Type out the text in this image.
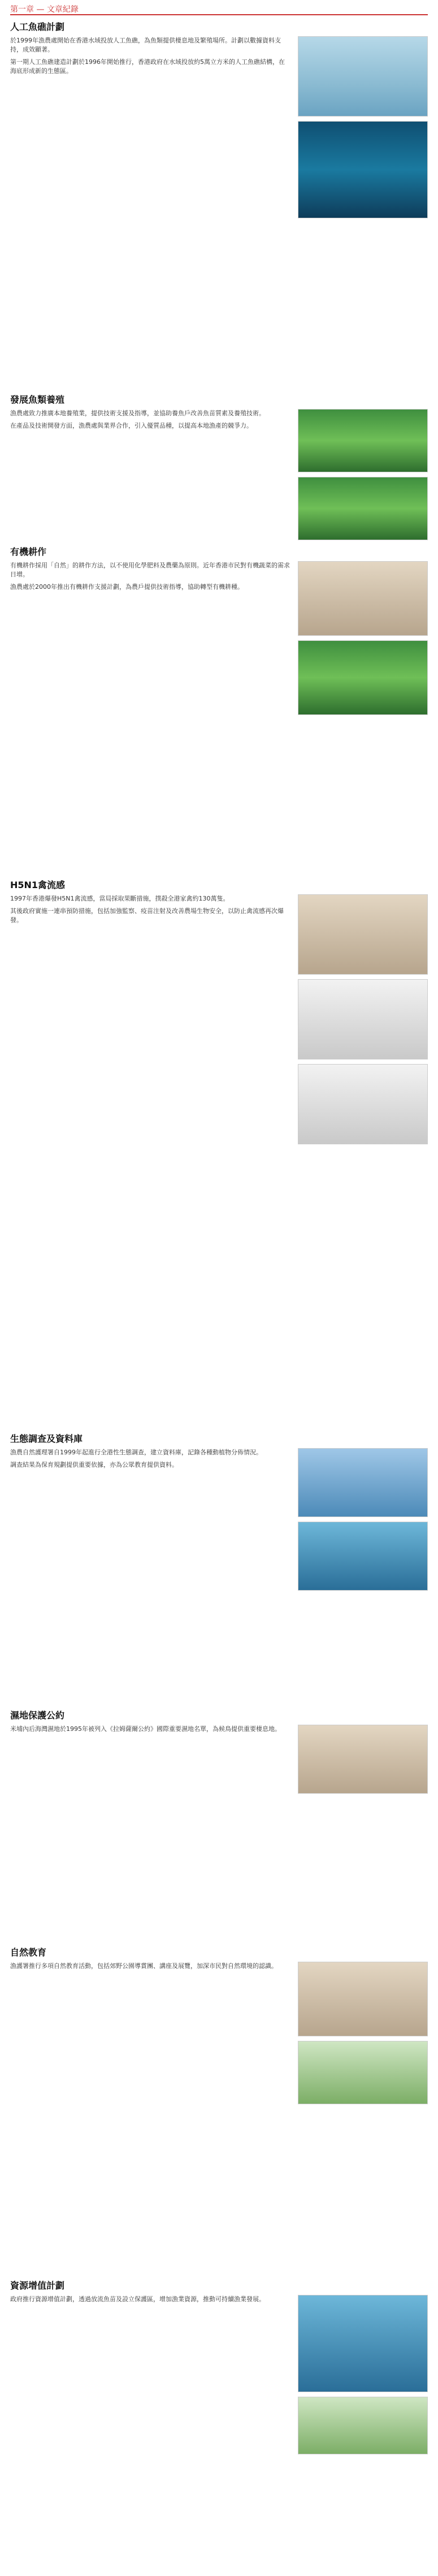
第一章 — 文章紀錄
人工魚礁計劃

於1999年漁農處開始在香港水域投放人工魚礁，為魚類提供棲息地及繁殖場所。計劃以數據資料支持，成效顯著。

第一期人工魚礁建造計劃於1996年開始推行，香港政府在水域投放約5萬立方米的人工魚礁結構，在海底形成新的生態區。

發展魚類養殖

漁農處致力推廣本地養殖業，提供技術支援及指導，並協助養魚戶改善魚苗質素及養殖技術。

在產品及技術開發方面，漁農處與業界合作，引入優質品種，以提高本地漁產的競爭力。

有機耕作

有機耕作採用「自然」的耕作方法，以不使用化學肥料及農藥為原則。近年香港市民對有機蔬菜的需求日增。

漁農處於2000年推出有機耕作支援計劃，為農戶提供技術指導，協助轉型有機耕種。

H5N1禽流感

1997年香港爆發H5N1禽流感，當局採取果斷措施，撲殺全港家禽約130萬隻。

其後政府實施一連串預防措施，包括加強監察、疫苗注射及改善農場生物安全，以防止禽流感再次爆發。

生態調查及資料庫

漁農自然護理署自1999年起進行全港性生態調查，建立資料庫，記錄各種動植物分佈情況。

調查結果為保育規劃提供重要依據，亦為公眾教育提供資料。

濕地保護公約

米埔內后海灣濕地於1995年被列入《拉姆薩爾公約》國際重要濕地名單，為候鳥提供重要棲息地。

自然教育

漁護署推行多項自然教育活動，包括郊野公園導賞團、講座及展覽，加深市民對自然環境的認識。

資源增值計劃

政府推行資源增值計劃，透過放流魚苗及設立保護區，增加漁業資源，推動可持續漁業發展。
